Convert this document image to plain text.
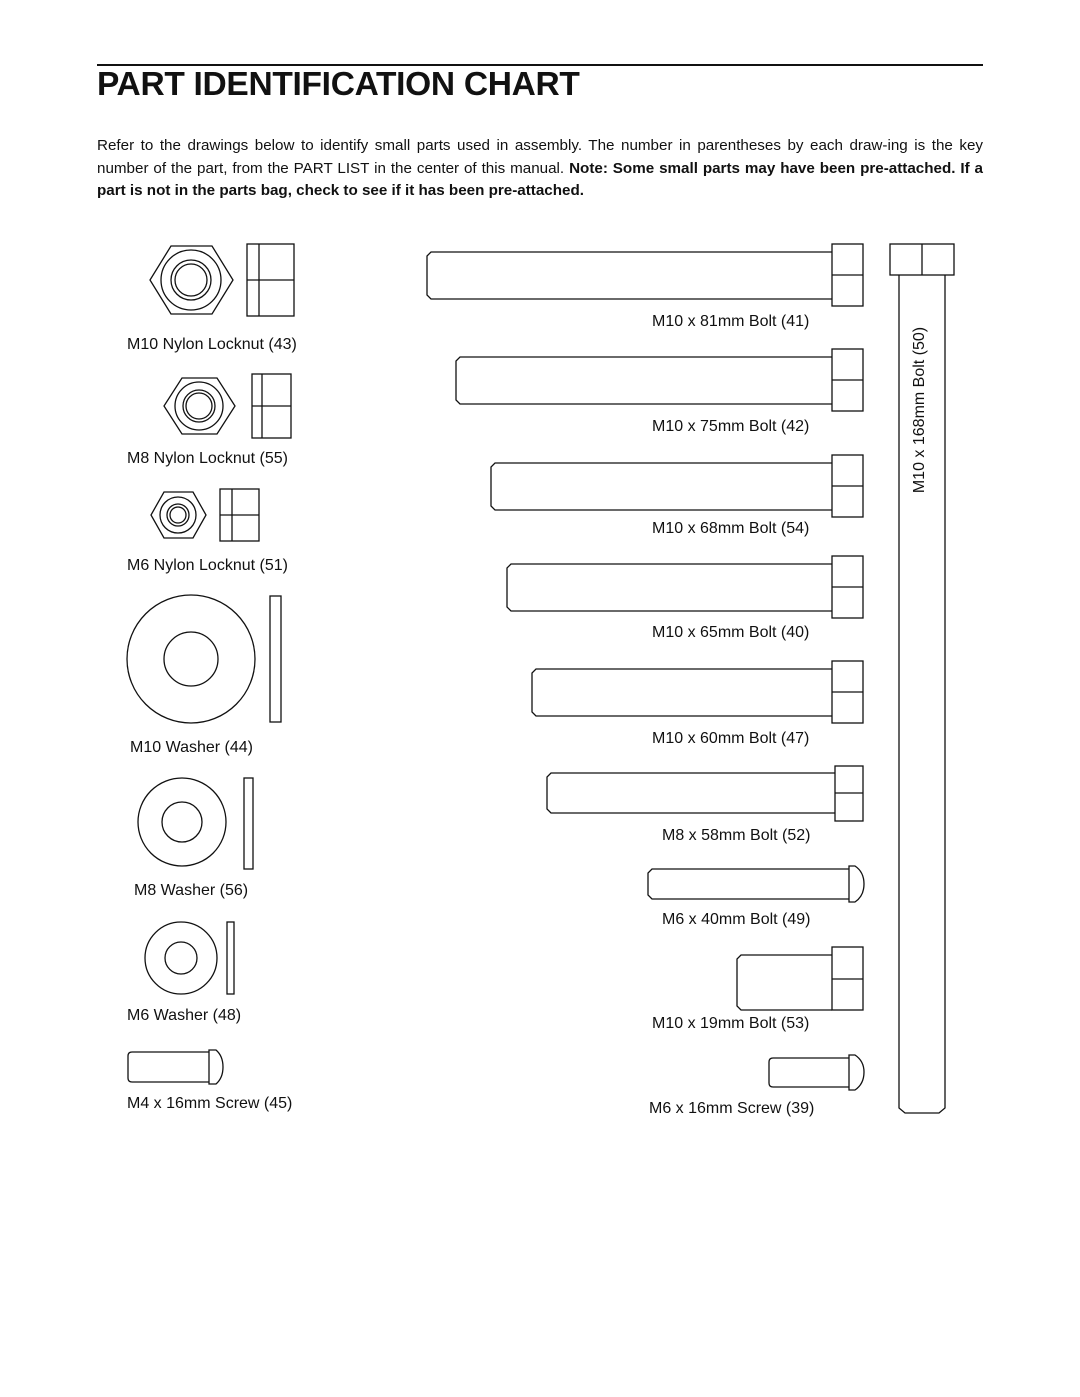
PART IDENTIFICATION CHART

Refer to the drawings below to identify small parts used in assembly. The number in parentheses by each draw-ing is the key number of the part, from the PART LIST in the center of this manual. Note: Some small parts may have been pre-attached. If a part is not in the parts bag, check to see if it has been pre-attached.

M10 Nylon Locknut (43)
M8 Nylon Locknut (55)
M6 Nylon Locknut (51)
M10 Washer (44)
M8 Washer (56)
M6 Washer (48)
M4 x 16mm Screw (45)
M10 x 81mm Bolt (41)
M10 x 75mm Bolt (42)
M10 x 68mm Bolt (54)
M10 x 65mm Bolt (40)
M10 x 60mm Bolt (47)
M8 x 58mm Bolt (52)
M6 x 40mm Bolt (49)
M10 x 19mm Bolt (53)
M6 x 16mm Screw (39)
M10 x 168mm Bolt (50)
